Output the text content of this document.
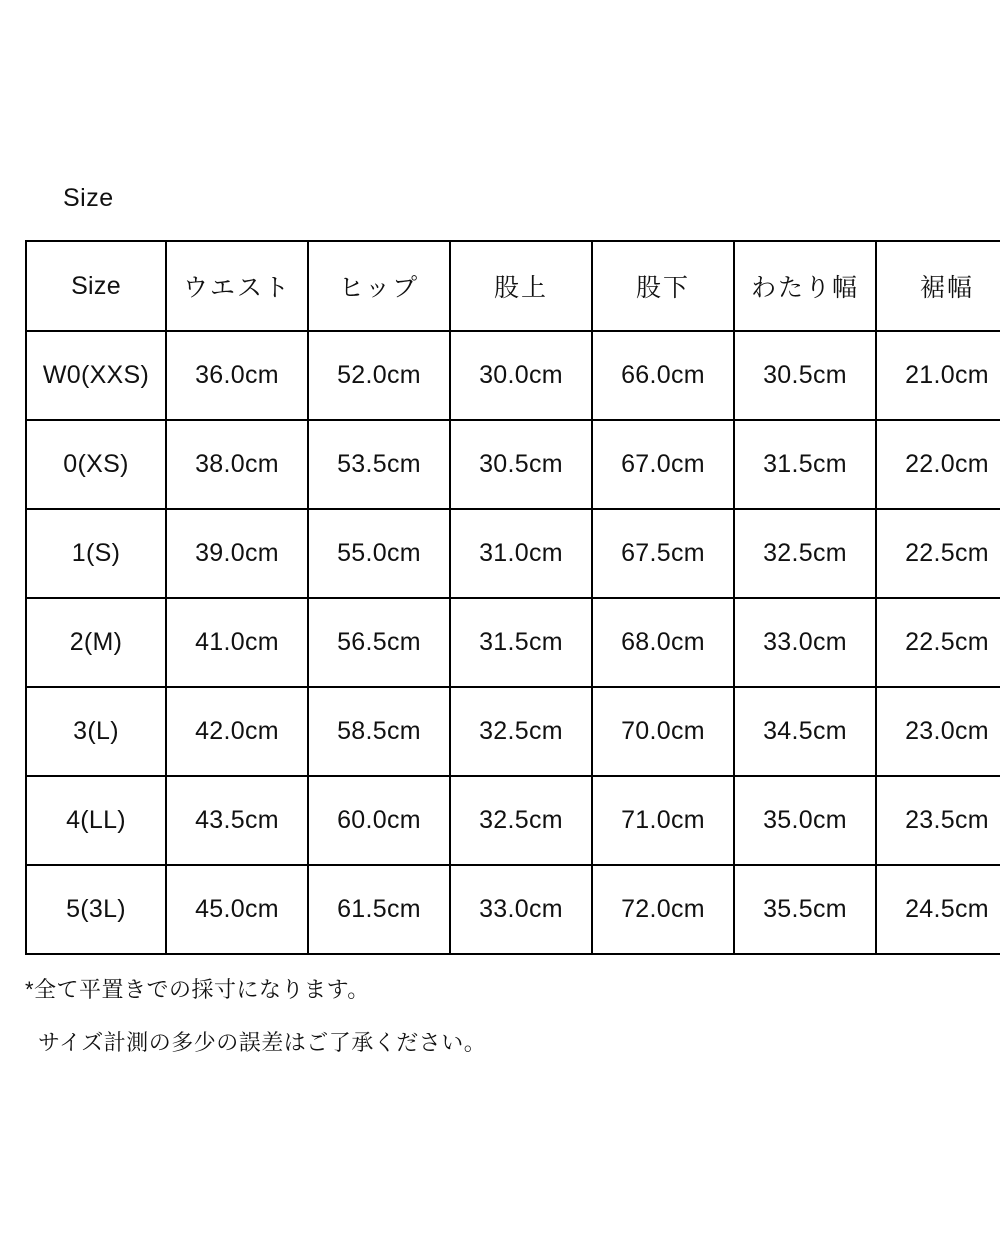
Size
Size	ウエスト	ヒップ	股上	股下	わたり幅	裾幅
W0(XXS)	36.0cm	52.0cm	30.0cm	66.0cm	30.5cm	21.0cm
0(XS)	38.0cm	53.5cm	30.5cm	67.0cm	31.5cm	22.0cm
1(S)	39.0cm	55.0cm	31.0cm	67.5cm	32.5cm	22.5cm
2(M)	41.0cm	56.5cm	31.5cm	68.0cm	33.0cm	22.5cm
3(L)	42.0cm	58.5cm	32.5cm	70.0cm	34.5cm	23.0cm
4(LL)	43.5cm	60.0cm	32.5cm	71.0cm	35.0cm	23.5cm
5(3L)	45.0cm	61.5cm	33.0cm	72.0cm	35.5cm	24.5cm
*全て平置きでの採寸になります。
サイズ計測の多少の誤差はご了承ください。
